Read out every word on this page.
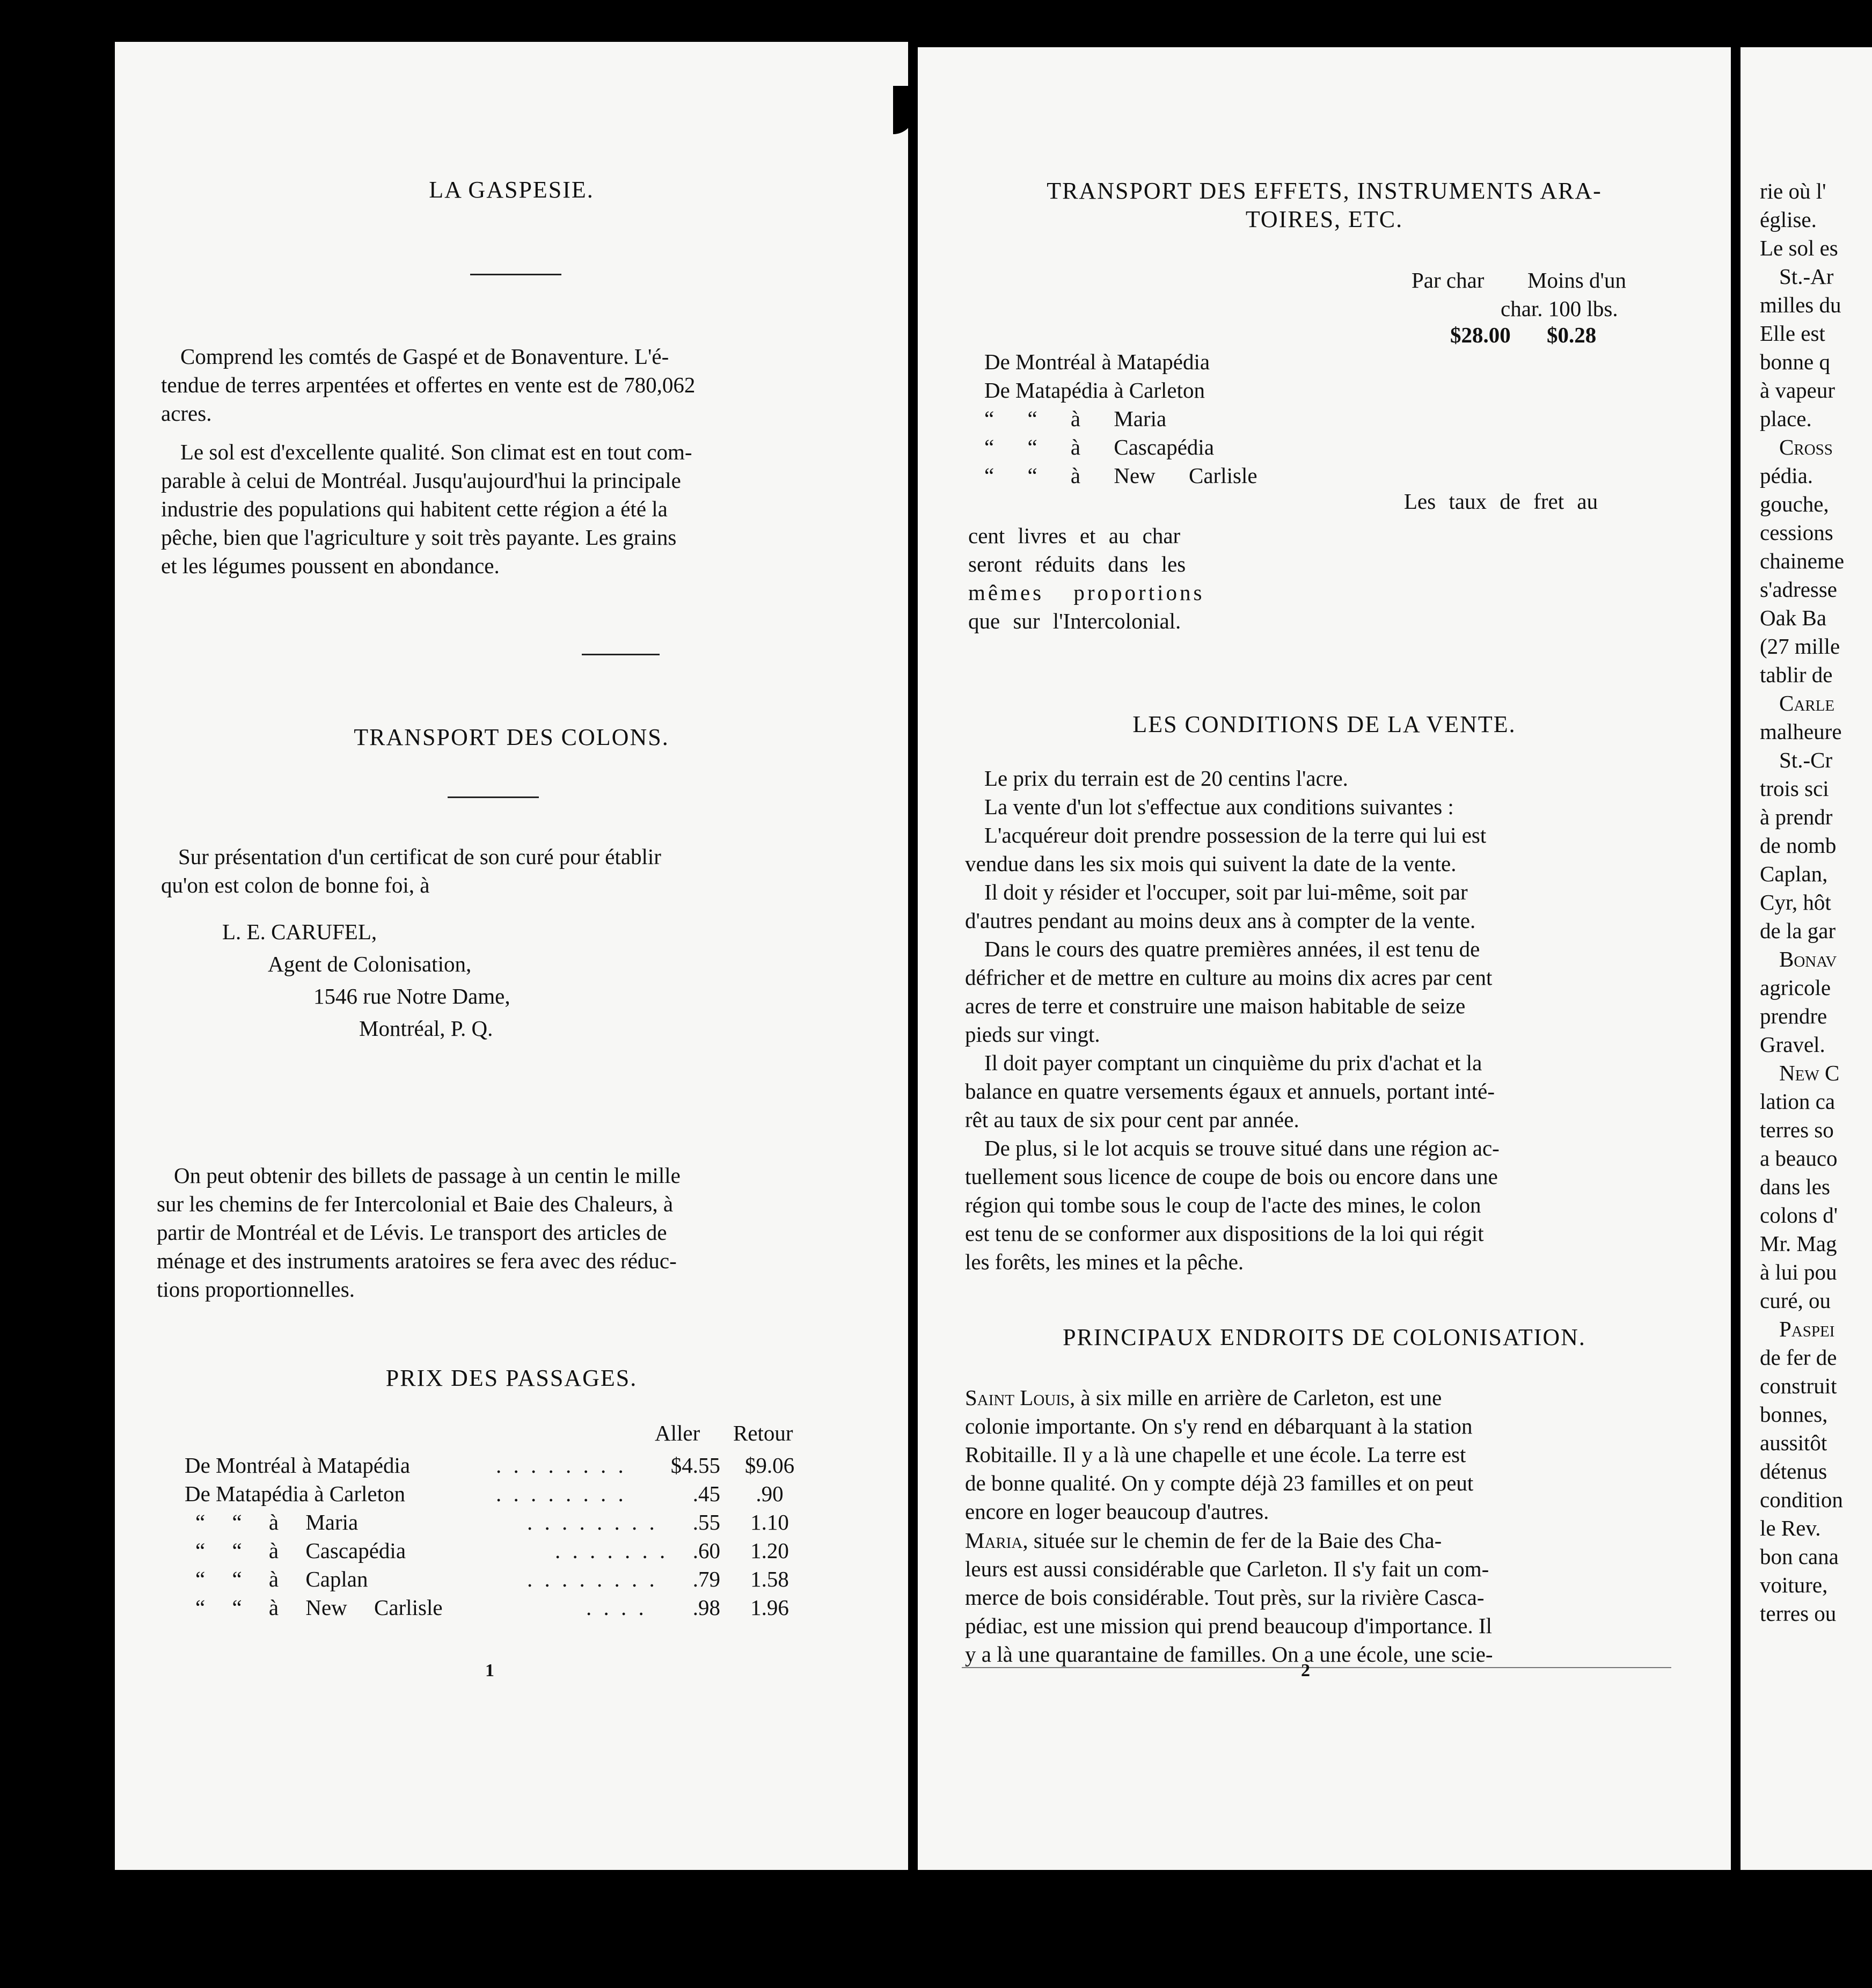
LA GASPESIE.
Comprend les comtés de Gaspé et de Bonaventure. L'é-
tendue de terres arpentées et offertes en vente est de 780,062
acres.
Le sol est d'excellente qualité. Son climat est en tout com-
parable à celui de Montréal. Jusqu'aujourd'hui la principale
industrie des populations qui habitent cette région a été la
pêche, bien que l'agriculture y soit très payante. Les grains
et les légumes poussent en abondance.
TRANSPORT DES COLONS.
Sur présentation d'un certificat de son curé pour établir
qu'on est colon de bonne foi, à
L. E. CARUFEL,
Agent de Colonisation,
1546 rue Notre Dame,
Montréal, P. Q.
On peut obtenir des billets de passage à un centin le mille
sur les chemins de fer Intercolonial et Baie des Chaleurs, à
partir de Montréal et de Lévis. Le transport des articles de
ménage et des instruments aratoires se fera avec des réduc-
tions proportionnelles.
PRIX DES PASSAGES.
Aller Retour
De Montréal à Matapédia	. . . . . . . .	$4.55	$9.06
De Matapédia à Carleton	. . . . . . . .	.45	.90
“ “ à Maria	. . . . . . . .	.55	1.10
“ “ à Cascapédia	. . . . . . .	.60	1.20
“ “ à Caplan	. . . . . . . .	.79	1.58
“ “ à New Carlisle	. . . .	.98	1.96
1
TRANSPORT DES EFFETS, INSTRUMENTS ARA-
TOIRES, ETC.
Par char Moins d'un
char. 100 lbs.
$28.00 $0.28
De Montréal à Matapédia
De Matapédia à Carleton
“ “ à Maria
“ “ à Cascapédia
“ “ à New Carlisle
Les taux de fret au
cent livres et au char
seront réduits dans les
mêmes proportions
que sur l'Intercolonial.
LES CONDITIONS DE LA VENTE.
Le prix du terrain est de 20 centins l'acre.
La vente d'un lot s'effectue aux conditions suivantes :
L'acquéreur doit prendre possession de la terre qui lui est
vendue dans les six mois qui suivent la date de la vente.
Il doit y résider et l'occuper, soit par lui-même, soit par
d'autres pendant au moins deux ans à compter de la vente.
Dans le cours des quatre premières années, il est tenu de
défricher et de mettre en culture au moins dix acres par cent
acres de terre et construire une maison habitable de seize
pieds sur vingt.
Il doit payer comptant un cinquième du prix d'achat et la
balance en quatre versements égaux et annuels, portant inté-
rêt au taux de six pour cent par année.
De plus, si le lot acquis se trouve situé dans une région ac-
tuellement sous licence de coupe de bois ou encore dans une
région qui tombe sous le coup de l'acte des mines, le colon
est tenu de se conformer aux dispositions de la loi qui régit
les forêts, les mines et la pêche.
PRINCIPAUX ENDROITS DE COLONISATION.
Saint Louis, à six mille en arrière de Carleton, est une
colonie importante. On s'y rend en débarquant à la station
Robitaille. Il y a là une chapelle et une école. La terre est
de bonne qualité. On y compte déjà 23 familles et on peut
encore en loger beaucoup d'autres.
Maria, située sur le chemin de fer de la Baie des Cha-
leurs est aussi considérable que Carleton. Il s'y fait un com-
merce de bois considérable. Tout près, sur la rivière Casca-
pédiac, est une mission qui prend beaucoup d'importance. Il
y a là une quarantaine de familles. On a une école, une scie-
2
rie où l'
église.
Le sol es
St.-Ar
milles du
Elle est
bonne q
à vapeur
place.
Cross
pédia.
gouche,
cessions
chaineme
s'adresse
Oak Ba
(27 mille
tablir de
Carle
malheure
St.-Cr
trois sci
à prendr
de nomb
Caplan,
Cyr, hôt
de la gar
Bonav
agricole
prendre
Gravel.
New C
lation ca
terres so
a beauco
dans les
colons d'
Mr. Mag
à lui pou
curé, ou
Paspei
de fer de
construit
bonnes,
aussitôt
détenus
condition
le Rev.
bon cana
voiture,
terres ou
